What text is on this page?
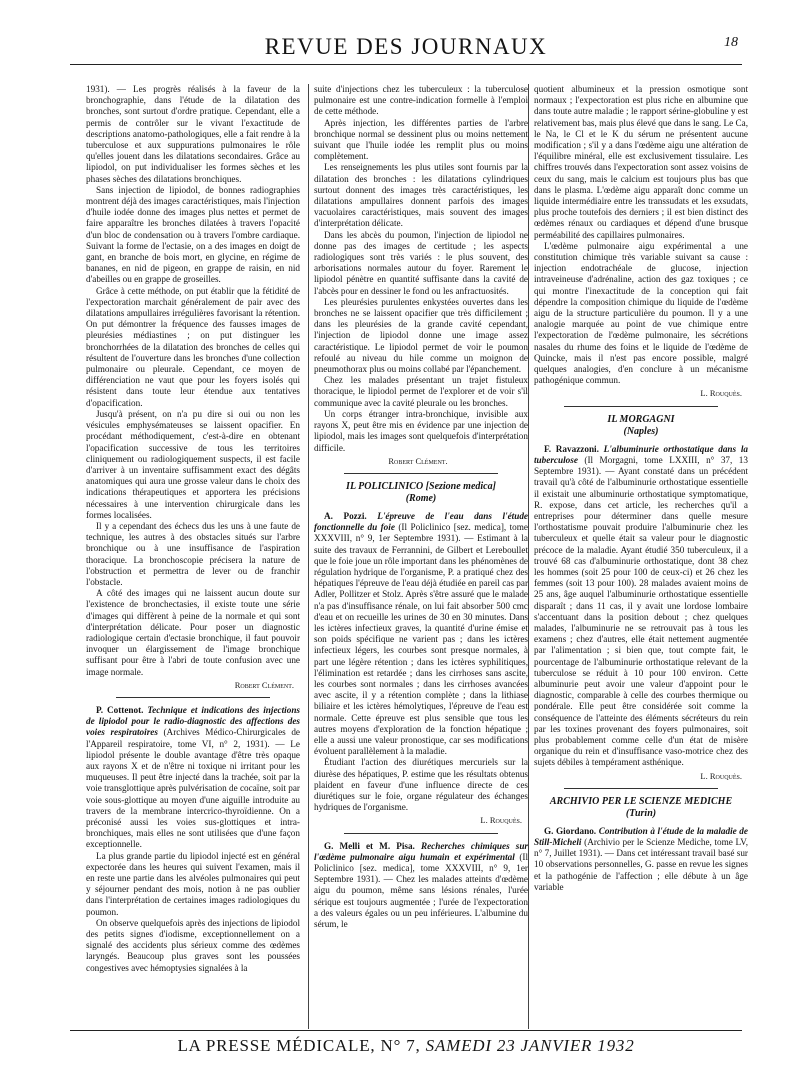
REVUE DES JOURNAUX	18

1931). — Les progrès réalisés à la faveur de la bronchographie, dans l'étude de la dilatation des bronches, sont surtout d'ordre pratique. Cependant, elle a permis de contrôler sur le vivant l'exactitude de descriptions anatomo-pathologiques, elle a fait rendre à la tuberculose et aux suppurations pulmonaires le rôle qu'elles jouent dans les dilatations secondaires. Grâce au lipiodol, on put individualiser les formes sèches et les phases sèches des dilatations bronchiques.

Sans injection de lipiodol, de bonnes radiographies montrent déjà des images caractéristiques, mais l'injection d'huile iodée donne des images plus nettes et permet de faire apparaître les bronches dilatées à travers l'opacité d'un bloc de condensation ou à travers l'ombre cardiaque. Suivant la forme de l'ectasie, on a des images en doigt de gant, en branche de bois mort, en glycine, en régime de bananes, en nid de pigeon, en grappe de raisin, en nid d'abeilles ou en grappe de groseilles.

Grâce à cette méthode, on put établir que la fétidité de l'expectoration marchait généralement de pair avec des dilatations ampullaires irrégulières favorisant la rétention. On put démontrer la fréquence des fausses images de pleurésies médiastines ; on put distinguer les bronchorrhées de la dilatation des bronches de celles qui résultent de l'ouverture dans les bronches d'une collection pulmonaire ou pleurale. Cependant, ce moyen de différenciation ne vaut que pour les foyers isolés qui résistent dans toute leur étendue aux tentatives d'opacification.

Jusqu'à présent, on n'a pu dire si oui ou non les vésicules emphysémateuses se laissent opacifier. En procédant méthodiquement, c'est-à-dire en obtenant l'opacification successive de tous les territoires cliniquement ou radiologiquement suspects, il est facile d'arriver à un inventaire suffisamment exact des dégâts anatomiques qui aura une grosse valeur dans le choix des indications thérapeutiques et apportera les précisions nécessaires à une intervention chirurgicale dans les formes localisées.

Il y a cependant des échecs dus les uns à une faute de technique, les autres à des obstacles situés sur l'arbre bronchique ou à une insuffisance de l'aspiration thoracique. La bronchoscopie précisera la nature de l'obstruction et permettra de lever ou de franchir l'obstacle.

A côté des images qui ne laissent aucun doute sur l'existence de bronchectasies, il existe toute une série d'images qui diffèrent à peine de la normale et qui sont d'interprétation délicate. Pour poser un diagnostic radiologique certain d'ectasie bronchique, il faut pouvoir invoquer un élargissement de l'image bronchique suffisant pour être à l'abri de toute confusion avec une image normale.

Robert Clément.

P. Cottenot. Technique et indications des injections de lipiodol pour le radio-diagnostic des affections des voies respiratoires (Archives Médico-Chirurgicales de l'Appareil respiratoire, tome VI, n° 2, 1931). — Le lipiodol présente le double avantage d'être très opaque aux rayons X et de n'être ni toxique ni irritant pour les muqueuses. Il peut être injecté dans la trachée, soit par la voie transglottique après pulvérisation de cocaïne, soit par voie sous-glottique au moyen d'une aiguille introduite au travers de la membrane intercrico-thyroïdienne. On a préconisé aussi les voies sus-glottiques et intra-bronchiques, mais elles ne sont utilisées que d'une façon exceptionnelle.

La plus grande partie du lipiodol injecté est en général expectorée dans les heures qui suivent l'examen, mais il en reste une partie dans les alvéoles pulmonaires qui peut y séjourner pendant des mois, notion à ne pas oublier dans l'interprétation de certaines images radiologiques du poumon.

On observe quelquefois après des injections de lipiodol des petits signes d'iodisme, exceptionnellement on a signalé des accidents plus sérieux comme des œdèmes laryngés. Beaucoup plus graves sont les poussées congestives avec hémoptysies signalées à la

suite d'injections chez les tuberculeux : la tuberculose pulmonaire est une contre-indication formelle à l'emploi de cette méthode.

Après injection, les différentes parties de l'arbre bronchique normal se dessinent plus ou moins nettement suivant que l'huile iodée les remplit plus ou moins complètement.

Les renseignements les plus utiles sont fournis par la dilatation des bronches : les dilatations cylindriques surtout donnent des images très caractéristiques, les dilatations ampullaires donnent parfois des images vacuolaires caractéristiques, mais souvent des images d'interprétation délicate.

Dans les abcès du poumon, l'injection de lipiodol ne donne pas des images de certitude ; les aspects radiologiques sont très variés : le plus souvent, des arborisations normales autour du foyer. Rarement le lipiodol pénètre en quantité suffisante dans la cavité de l'abcès pour en dessiner le fond ou les anfractuosités.

Les pleurésies purulentes enkystées ouvertes dans les bronches ne se laissent opacifier que très difficilement ; dans les pleurésies de la grande cavité cependant, l'injection de lipiodol donne une image assez caractéristique. Le lipiodol permet de voir le poumon refoulé au niveau du hile comme un moignon de pneumothorax plus ou moins collabé par l'épanchement.

Chez les malades présentant un trajet fistuleux thoracique, le lipiodol permet de l'explorer et de voir s'il communique avec la cavité pleurale ou les bronches.

Un corps étranger intra-bronchique, invisible aux rayons X, peut être mis en évidence par une injection de lipiodol, mais les images sont quelquefois d'interprétation difficile.

Robert Clément.
IL POLICLINICO [Sezione medica]
(Rome)

A. Pozzi. L'épreuve de l'eau dans l'étude fonctionnelle du foie (Il Policlinico [sez. medica], tome XXXVIII, n° 9, 1er Septembre 1931). — Estimant à la suite des travaux de Ferrannini, de Gilbert et Lereboullet que le foie joue un rôle important dans les phénomènes de régulation hydrique de l'organisme, P. a pratiqué chez des hépatiques l'épreuve de l'eau déjà étudiée en pareil cas par Adler, Pollitzer et Stolz. Après s'être assuré que le malade n'a pas d'insuffisance rénale, on lui fait absorber 500 cmc d'eau et on recueille les urines de 30 en 30 minutes. Dans les ictères infectieux graves, la quantité d'urine émise et son poids spécifique ne varient pas ; dans les ictères infectieux légers, les courbes sont presque normales, à part une légère rétention ; dans les ictères syphilitiques, l'élimination est retardée ; dans les cirrhoses sans ascite, les courbes sont normales ; dans les cirrhoses avancées avec ascite, il y a rétention complète ; dans la lithiase biliaire et les ictères hémolytiques, l'épreuve de l'eau est normale. Cette épreuve est plus sensible que tous les autres moyens d'exploration de la fonction hépatique ; elle a aussi une valeur pronostique, car ses modifications évoluent parallèlement à la maladie.

Étudiant l'action des diurétiques mercuriels sur la diurèse des hépatiques, P. estime que les résultats obtenus plaident en faveur d'une influence directe de ces diurétiques sur le foie, organe régulateur des échanges hydriques de l'organisme.

L. Rouquès.

G. Melli et M. Pisa. Recherches chimiques sur l'œdème pulmonaire aigu humain et expérimental (Il Policlinico [sez. medica], tome XXXVIII, n° 9, 1er Septembre 1931). — Chez les malades atteints d'œdème aigu du poumon, même sans lésions rénales, l'urée sérique est toujours augmentée ; l'urée de l'expectoration a des valeurs égales ou un peu inférieures. L'albumine du sérum, le

quotient albumineux et la pression osmotique sont normaux ; l'expectoration est plus riche en albumine que dans toute autre maladie ; le rapport sérine-globuline y est relativement bas, mais plus élevé que dans le sang. Le Ca, le Na, le Cl et le K du sérum ne présentent aucune modification ; s'il y a dans l'œdème aigu une altération de l'équilibre minéral, elle est exclusivement tissulaire. Les chiffres trouvés dans l'expectoration sont assez voisins de ceux du sang, mais le calcium est toujours plus bas que dans le plasma. L'œdème aigu apparaît donc comme un liquide intermédiaire entre les transsudats et les exsudats, plus proche toutefois des derniers ; il est bien distinct des œdèmes rénaux ou cardiaques et dépend d'une brusque perméabilité des capillaires pulmonaires.

L'œdème pulmonaire aigu expérimental a une constitution chimique très variable suivant sa cause : injection endotrachéale de glucose, injection intraveineuse d'adrénaline, action des gaz toxiques ; ce qui montre l'inexactitude de la conception qui fait dépendre la composition chimique du liquide de l'œdème aigu de la structure particulière du poumon. Il y a une analogie marquée au point de vue chimique entre l'expectoration de l'œdème pulmonaire, les sécrétions nasales du rhume des foins et le liquide de l'œdème de Quincke, mais il n'est pas encore possible, malgré quelques analogies, d'en conclure à un mécanisme pathogénique commun.

L. Rouquès.
IL MORGAGNI
(Naples)

F. Ravazzoni. L'albuminurie orthostatique dans la tuberculose (Il Morgagni, tome LXXIII, n° 37, 13 Septembre 1931). — Ayant constaté dans un précédent travail qu'à côté de l'albuminurie orthostatique essentielle il existait une albuminurie orthostatique symptomatique, R. expose, dans cet article, les recherches qu'il a entreprises pour déterminer dans quelle mesure l'orthostatisme pouvait produire l'albuminurie chez les tuberculeux et quelle était sa valeur pour le diagnostic précoce de la maladie. Ayant étudié 350 tuberculeux, il a trouvé 68 cas d'albuminurie orthostatique, dont 38 chez les hommes (soit 25 pour 100 de ceux-ci) et 26 chez les femmes (soit 13 pour 100). 28 malades avaient moins de 25 ans, âge auquel l'albuminurie orthostatique essentielle disparaît ; dans 11 cas, il y avait une lordose lombaire s'accentuant dans la position debout ; chez quelques malades, l'albuminurie ne se retrouvait pas à tous les examens ; chez d'autres, elle était nettement augmentée par l'alimentation ; si bien que, tout compte fait, le pourcentage de l'albuminurie orthostatique relevant de la tuberculose se réduit à 10 pour 100 environ. Cette albuminurie peut avoir une valeur d'appoint pour le diagnostic, comparable à celle des courbes thermique ou pondérale. Elle peut être considérée soit comme la conséquence de l'atteinte des éléments sécréteurs du rein par les toxines provenant des foyers pulmonaires, soit plus probablement comme celle d'un état de misère organique du rein et d'insuffisance vaso-motrice chez des sujets débiles à tempérament asthénique.

L. Rouquès.
ARCHIVIO PER LE SCIENZE MEDICHE
(Turin)

G. Giordano. Contribution à l'étude de la maladie de Still-Micheli (Archivio per le Scienze Mediche, tome LV, n° 7, Juillet 1931). — Dans cet intéressant travail basé sur 10 observations personnelles, G. passe en revue les signes et la pathogénie de l'affection ; elle débute à un âge variable

LA PRESSE MÉDICALE, N° 7, SAMEDI 23 JANVIER 1932
